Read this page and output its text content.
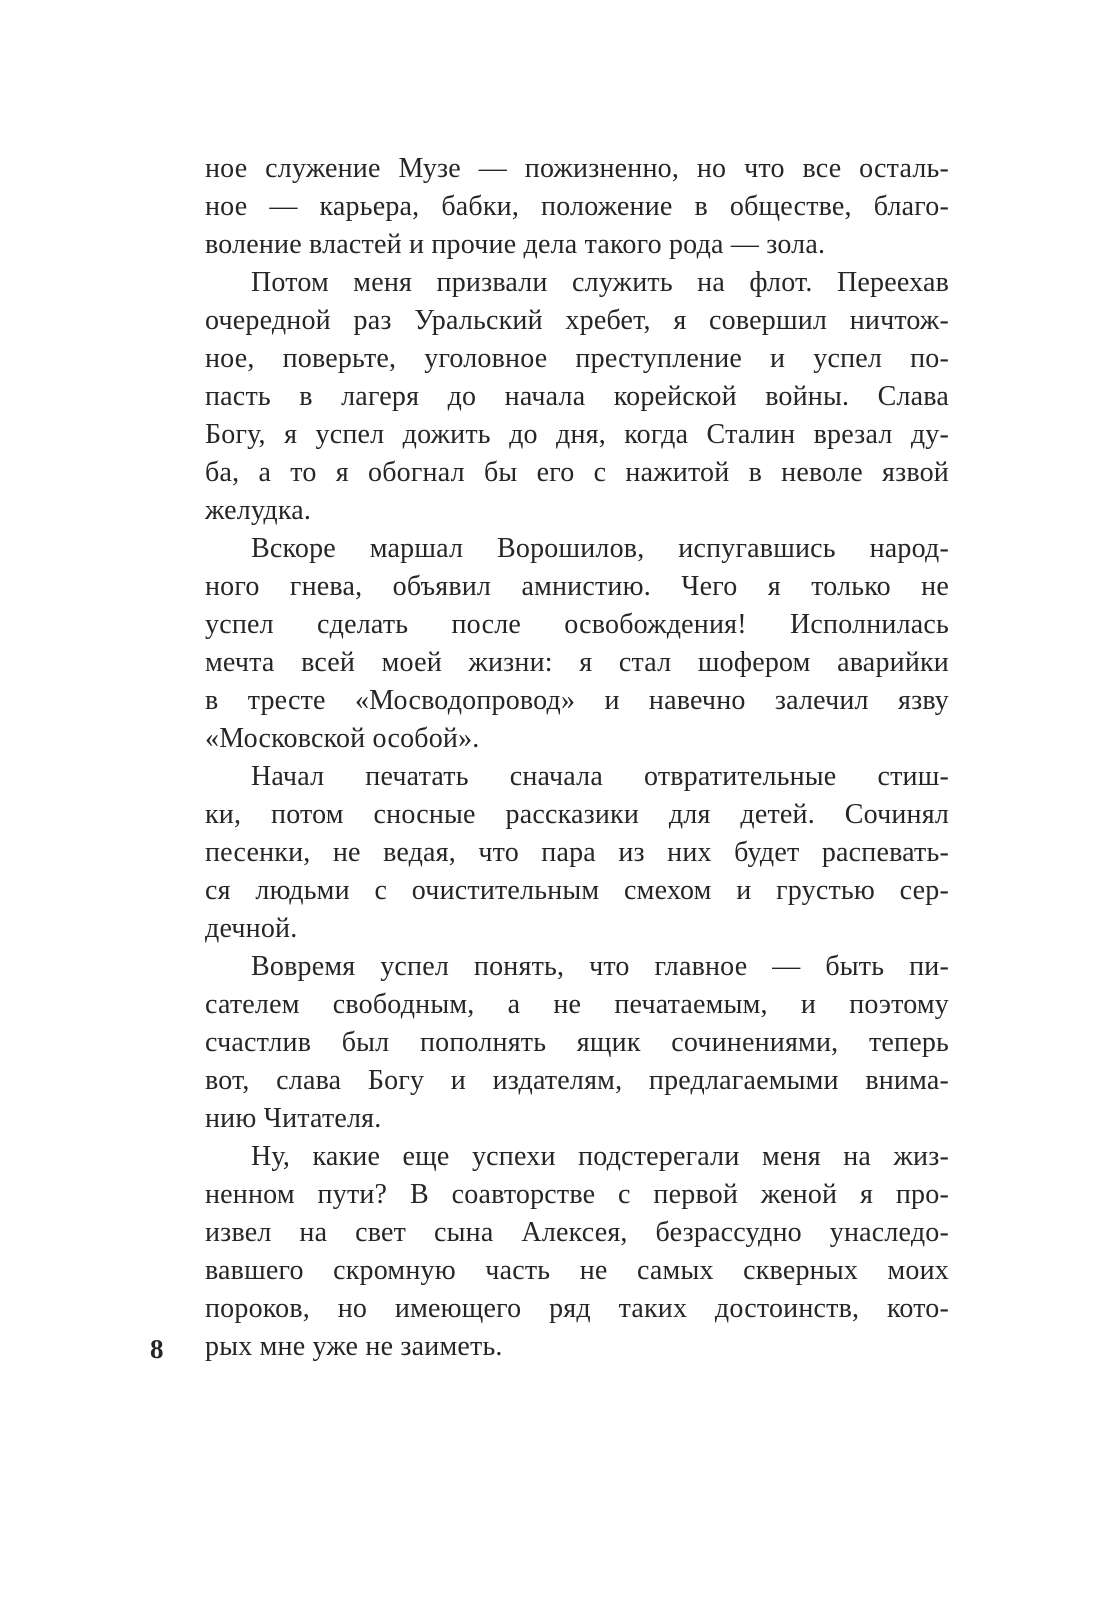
ное служение Музе — пожизненно, но что все осталь-
ное — карьера, бабки, положение в обществе, благо-
воление властей и прочие дела такого рода — зола.
Потом меня призвали служить на флот. Переехав
очередной раз Уральский хребет, я совершил ничтож-
ное, поверьте, уголовное преступление и успел по-
пасть в лагеря до начала корейской войны. Слава
Богу, я успел дожить до дня, когда Сталин врезал ду-
ба, а то я обогнал бы его с нажитой в неволе язвой
желудка.
Вскоре маршал Ворошилов, испугавшись народ-
ного гнева, объявил амнистию. Чего я только не
успел сделать после освобождения! Исполнилась
мечта всей моей жизни: я стал шофером аварийки
в тресте «Мосводопровод» и навечно залечил язву
«Московской особой».
Начал печатать сначала отвратительные стиш-
ки, потом сносные рассказики для детей. Сочинял
песенки, не ведая, что пара из них будет распевать-
ся людьми с очистительным смехом и грустью сер-
дечной.
Вовремя успел понять, что главное — быть пи-
сателем свободным, а не печатаемым, и поэтому
счастлив был пополнять ящик сочинениями, теперь
вот, слава Богу и издателям, предлагаемыми внима-
нию Читателя.
Ну, какие еще успехи подстерегали меня на жиз-
ненном пути? В соавторстве с первой женой я про-
извел на свет сына Алексея, безрассудно унаследо-
вавшего скромную часть не самых скверных моих
пороков, но имеющего ряд таких достоинств, кото-
рых мне уже не заиметь.
8
